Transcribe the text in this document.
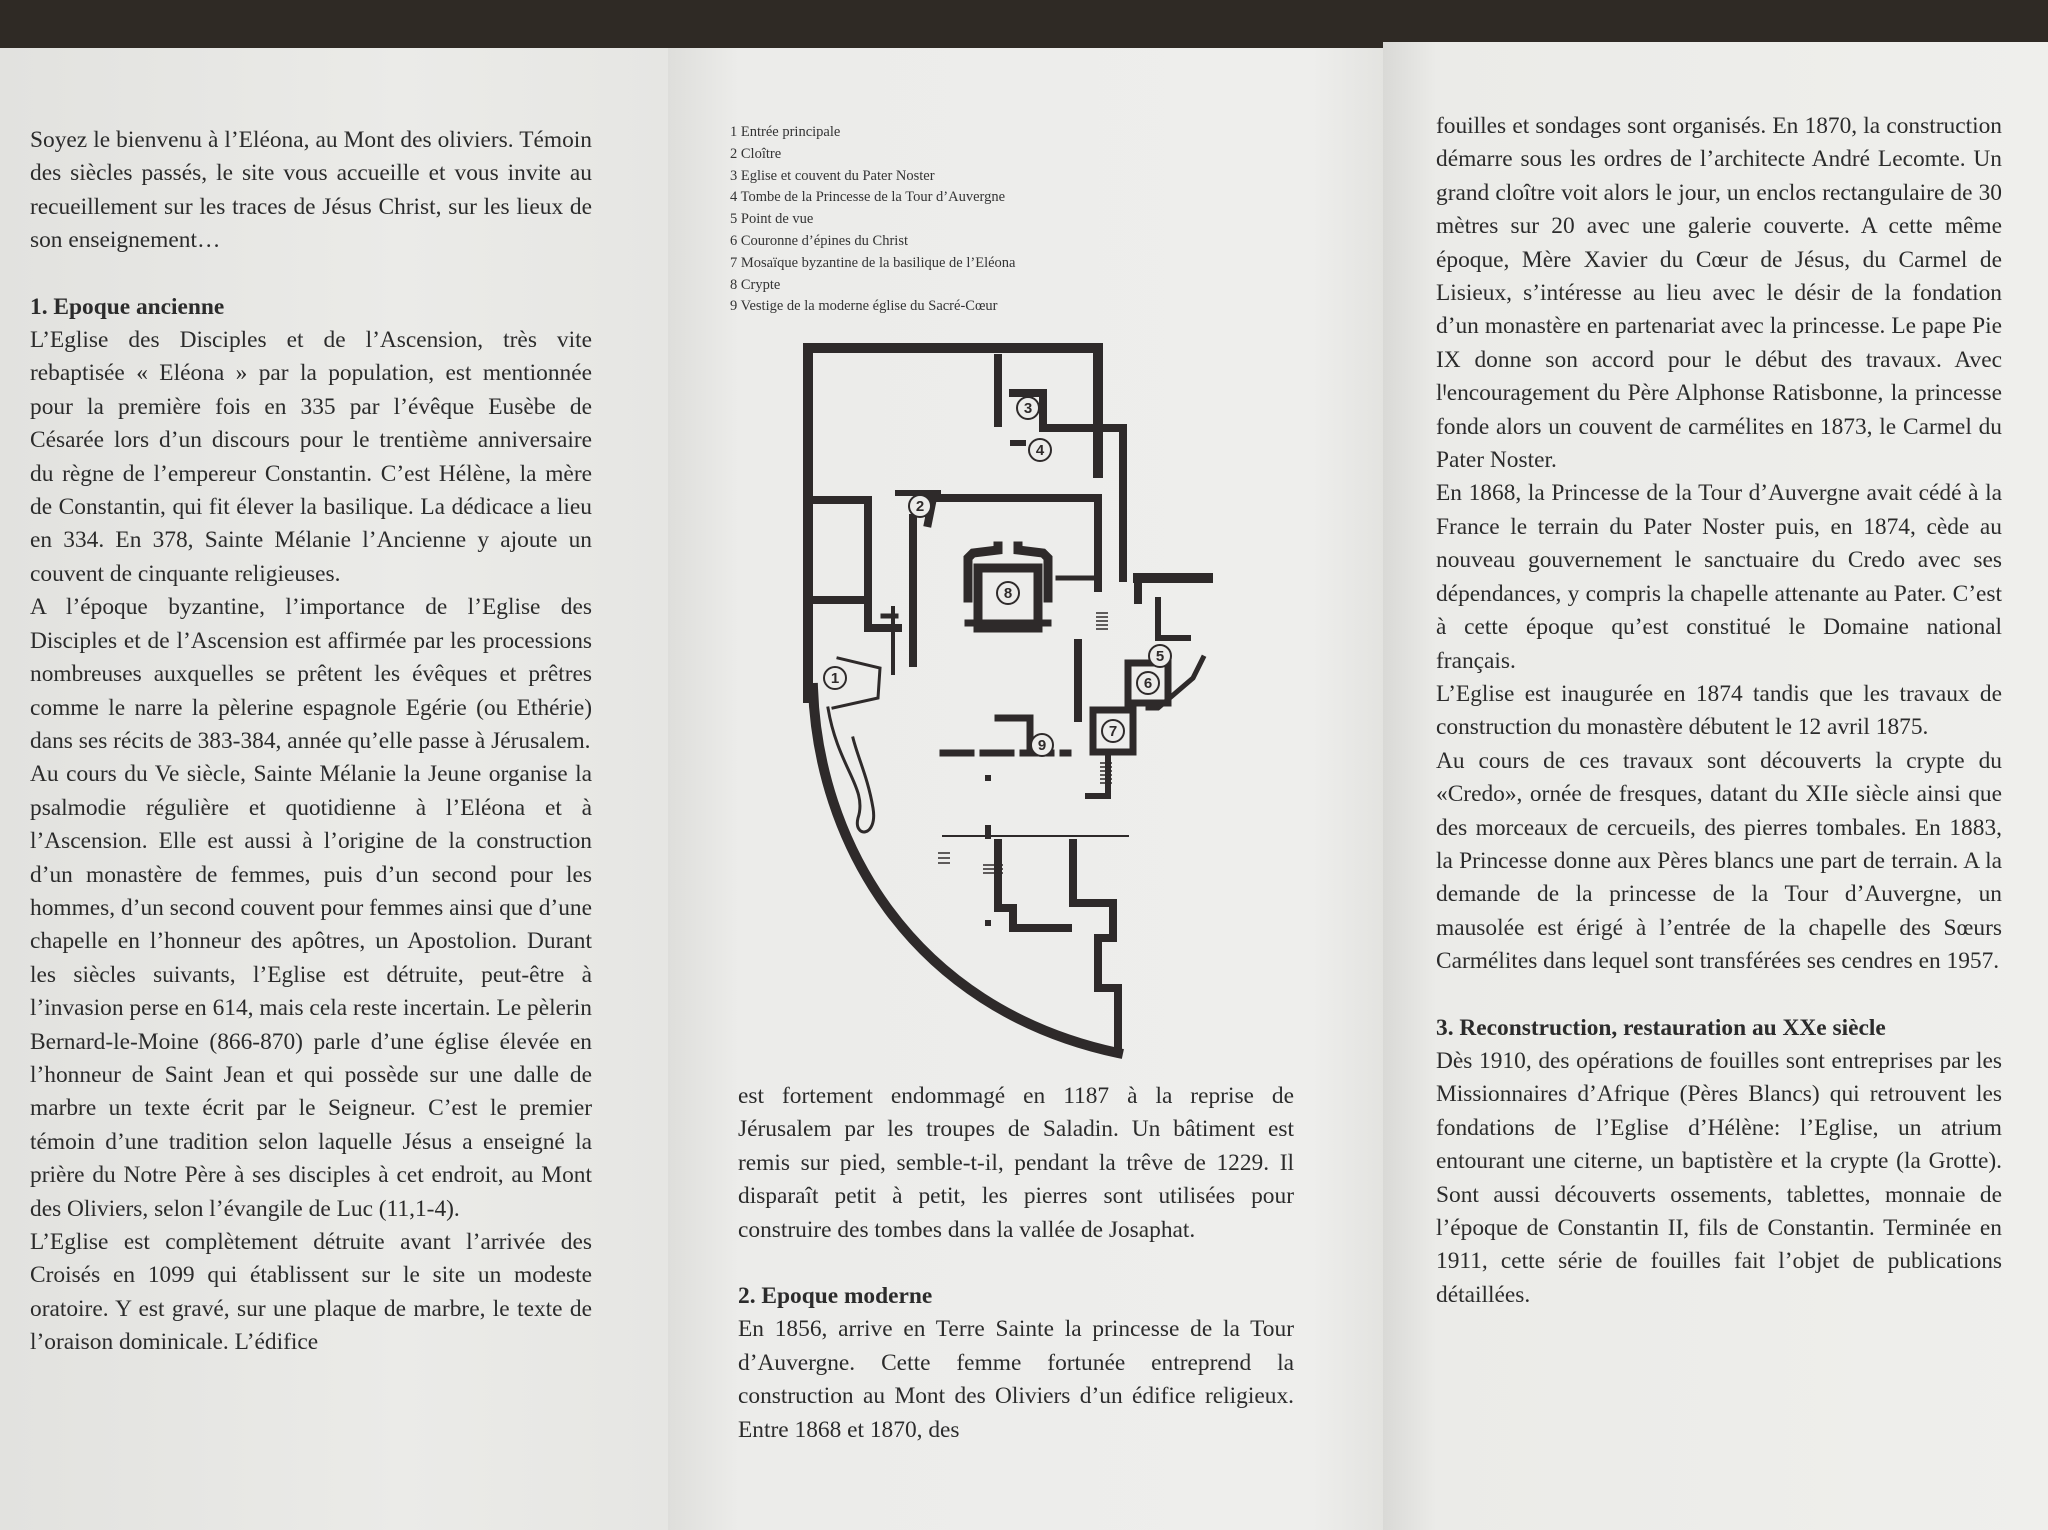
Soyez le bienvenu à l’Eléona, au Mont des oliviers. Témoin des siècles passés, le site vous accueille et vous invite au recueillement sur les traces de Jésus Christ, sur les lieux de son enseignement…

1. Epoque ancienne

L’Eglise des Disciples et de l’Ascension, très vite rebaptisée « Eléona » par la population, est mentionnée pour la première fois en 335 par l’évêque Eusèbe de Césarée lors d’un discours pour le trentième anniversaire du règne de l’empereur Constantin. C’est Hélène, la mère de Constantin, qui fit élever la basilique. La dédicace a lieu en 334. En 378, Sainte Mélanie l’Ancienne y ajoute un couvent de cinquante religieuses.

A l’époque byzantine, l’importance de l’Eglise des Disciples et de l’Ascension est affirmée par les processions nombreuses auxquelles se prêtent les évêques et prêtres comme le narre la pèlerine espagnole Egérie (ou Ethérie) dans ses récits de 383-384, année qu’elle passe à Jérusalem.

Au cours du Ve siècle, Sainte Mélanie la Jeune organise la psalmodie régulière et quotidienne à l’Eléona et à l’Ascension. Elle est aussi à l’origine de la construction d’un monastère de femmes, puis d’un second pour les hommes, d’un second couvent pour femmes ainsi que d’une chapelle en l’honneur des apôtres, un Apostolion. Durant les siècles suivants, l’Eglise est détruite, peut-être à l’invasion perse en 614, mais cela reste incertain. Le pèlerin Bernard-le-Moine (866-870) parle d’une église élevée en l’honneur de Saint Jean et qui possède sur une dalle de marbre un texte écrit par le Seigneur. C’est le premier témoin d’une tradition selon laquelle Jésus a enseigné la prière du Notre Père à ses disciples à cet endroit, au Mont des Oliviers, selon l’évangile de Luc (11,1-4).

L’Eglise est complètement détruite avant l’arrivée des Croisés en 1099 qui établissent sur le site un modeste oratoire. Y est gravé, sur une plaque de marbre, le texte de l’oraison dominicale. L’édifice

1 Entrée principale
2 Cloître
3 Eglise et couvent du Pater Noster
4 Tombe de la Princesse de la Tour d’Auvergne
5 Point de vue
6 Couronne d’épines du Christ
7 Mosaïque byzantine de la basilique de l’Eléona
8 Crypte
9 Vestige de la moderne église du Sacré-Cœur
1
2
3
4
5
6
7
8
9

est fortement endommagé en 1187 à la reprise de Jérusalem par les troupes de Saladin. Un bâtiment est remis sur pied, semble-t-il, pendant la trêve de 1229. Il disparaît petit à petit, les pierres sont utilisées pour construire des tombes dans la vallée de Josaphat.

2. Epoque moderne

En 1856, arrive en Terre Sainte la princesse de la Tour d’Auvergne. Cette femme fortunée entreprend la construction au Mont des Oliviers d’un édifice religieux. Entre 1868 et 1870, des

fouilles et sondages sont organisés. En 1870, la construction démarre sous les ordres de l’architecte André Lecomte. Un grand cloître voit alors le jour, un enclos rectangulaire de 30 mètres sur 20 avec une galerie couverte. A cette même époque, Mère Xavier du Cœur de Jésus, du Carmel de Lisieux, s’intéresse au lieu avec le désir de la fondation d’un monastère en partenariat avec la princesse. Le pape Pie IX donne son accord pour le début des travaux. Avec lꞋencouragement du Père Alphonse Ratisbonne, la princesse fonde alors un couvent de carmélites en 1873, le Carmel du Pater Noster.

En 1868, la Princesse de la Tour d’Auvergne avait cédé à la France le terrain du Pater Noster puis, en 1874, cède au nouveau gouvernement le sanctuaire du Credo avec ses dépendances, y compris la chapelle attenante au Pater. C’est à cette époque qu’est constitué le Domaine national français.

L’Eglise est inaugurée en 1874 tandis que les travaux de construction du monastère débutent le 12 avril 1875.

Au cours de ces travaux sont découverts la crypte du «Credo», ornée de fresques, datant du XIIe siècle ainsi que des morceaux de cercueils, des pierres tombales. En 1883, la Princesse donne aux Pères blancs une part de terrain. A la demande de la princesse de la Tour d’Auvergne, un mausolée est érigé à l’entrée de la chapelle des Sœurs Carmélites dans lequel sont transférées ses cendres en 1957.

3. Reconstruction, restauration au XXe siècle

Dès 1910, des opérations de fouilles sont entreprises par les Missionnaires d’Afrique (Pères Blancs) qui retrouvent les fondations de l’Eglise d’Hélène: l’Eglise, un atrium entourant une citerne, un baptistère et la crypte (la Grotte). Sont aussi découverts ossements, tablettes, monnaie de l’époque de Constantin II, fils de Constantin. Terminée en 1911, cette série de fouilles fait l’objet de publications détaillées.
